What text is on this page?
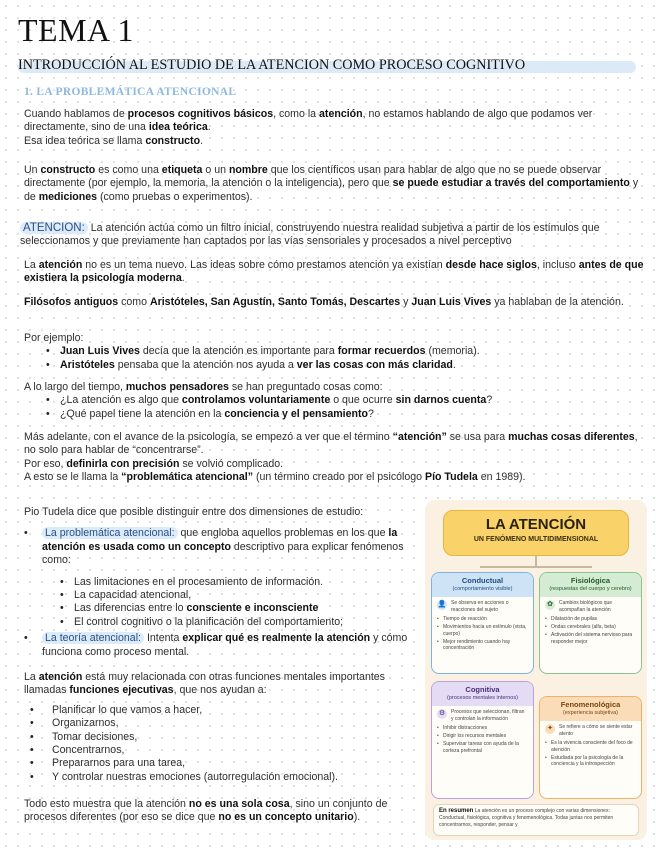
TEMA 1
INTRODUCCIÓN AL ESTUDIO DE LA ATENCION COMO PROCESO COGNITIVO
1. LA PROBLEMÁTICA ATENCIONAL
Cuando hablamos de procesos cognitivos básicos, como la atención, no estamos hablando de algo que podamos ver directamente, sino de una idea teórica.
Esa idea teórica se llama constructo.
Un constructo es como una etiqueta o un nombre que los científicos usan para hablar de algo que no se puede observar directamente (por ejemplo, la memoria, la atención o la inteligencia), pero que se puede estudiar a través del comportamiento y de mediciones (como pruebas o experimentos).
ATENCION: La atención actúa como un filtro inicial, construyendo nuestra realidad subjetiva a partir de los estímulos que seleccionamos y que previamente han captados por las vías sensoriales y procesados a nivel perceptivo
La atención no es un tema nuevo. Las ideas sobre cómo prestamos atención ya existían desde hace siglos, incluso antes de que existiera la psicología moderna.
Filósofos antiguos como Aristóteles, San Agustín, Santo Tomás, Descartes y Juan Luis Vives ya hablaban de la atención.
Por ejemplo:
• Juan Luis Vives decía que la atención es importante para formar recuerdos (memoria).
• Aristóteles pensaba que la atención nos ayuda a ver las cosas con más claridad.
A lo largo del tiempo, muchos pensadores se han preguntado cosas como:
• ¿La atención es algo que controlamos voluntariamente o que ocurre sin darnos cuenta?
• ¿Qué papel tiene la atención en la conciencia y el pensamiento?
Más adelante, con el avance de la psicología, se empezó a ver que el término “atención” se usa para muchas cosas diferentes, no solo para hablar de “concentrarse”.
Por eso, definirla con precisión se volvió complicado.
A esto se le llama la “problemática atencional” (un término creado por el psicólogo Pío Tudela en 1989).
Pio Tudela dice que posible distinguir entre dos dimensiones de estudio:
• La problemática atencional: que engloba aquellos problemas en los que la atención es usada como un concepto descriptivo para explicar fenómenos como:
• Las limitaciones en el procesamiento de información.
• La capacidad atencional,
• Las diferencias entre lo consciente e inconsciente
• El control cognitivo o la planificación del comportamiento;
• La teoría atencional: Intenta explicar qué es realmente la atención y cómo funciona como proceso mental.
La atención está muy relacionada con otras funciones mentales importantes llamadas funciones ejecutivas, que nos ayudan a:
• Planificar lo que vamos a hacer,
• Organizarnos,
• Tomar decisiones,
• Concentrarnos,
• Prepararnos para una tarea,
• Y controlar nuestras emociones (autorregulación emocional).
Todo esto muestra que la atención no es una sola cosa, sino un conjunto de procesos diferentes (por eso se dice que no es un concepto unitario).
LA ATENCIÓN
UN FENÓMENO MULTIDIMENSIONAL
Conductual
(comportamiento visible)
👤 Se observa en acciones o reacciones del sujeto
• Tiempo de reacción
• Movimientos hacia un estímulo (vista, cuerpo)
• Mejor rendimiento cuando hay concentración
Fisiológica
(respuestas del cuerpo y cerebro)
✿	Cambios biológicos que acompañan la atención
• Dilatación de pupilas
• Ondas cerebrales (alfa, beta)
• Activación del sistema nervioso para responder mejor
Cognitiva
(procesos mentales internos)
⚙	Procesos que seleccionan, filtran y controlan la información
• Inhibir distracciones
• Dirigir los recursos mentales
• Supervisar tareas con ayuda de la corteza prefrontal
Fenomenológica
(experiencia subjetiva)
✦	Se refiere a cómo se siente estar atento
• Es la vivencia consciente del foco de atención
• Estudiada por la psicología de la conciencia y la introspección
En resumen La atención es un proceso complejo con varias dimensiones: Conductual, fisiológica, cognitiva y fenomenológica. Todas juntas nos permiten concentrarnos, responder, pensar y
